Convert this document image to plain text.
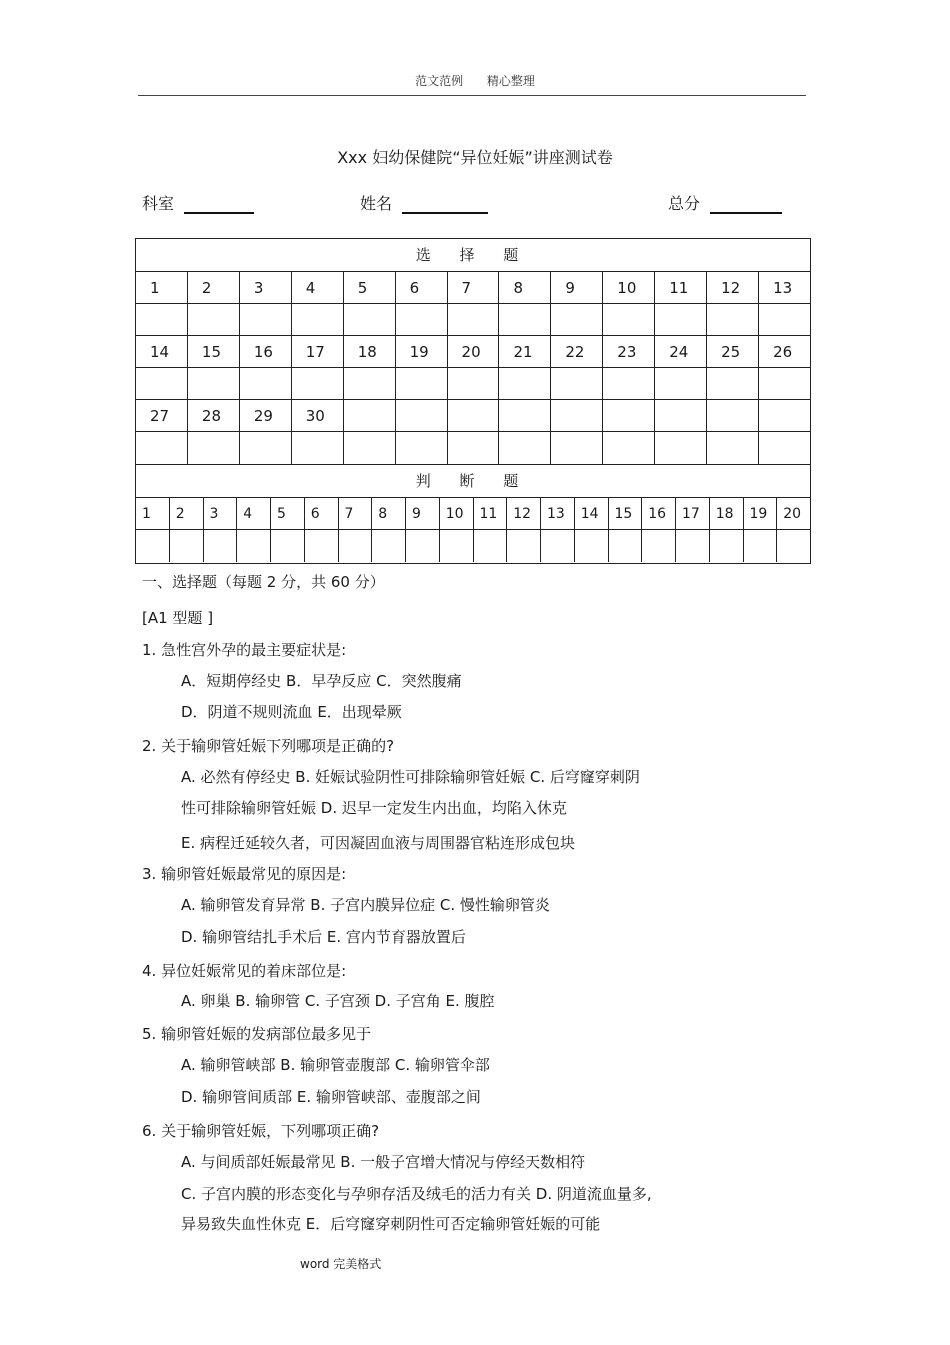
范文范例 精心整理
Xxx 妇幼保健院“异位妊娠”讲座测试卷
科室	姓名	总分
选 择 题
1	2	3	4	5	6	7	8	9	10	11	12	13
14	15	16	17	18	19	20	21	22	23	24	25	26
27	28	29	30
判 断 题
1	2	3	4	5	6	7	8	9	10	11	12	13	14	15	16	17	18	19	20
一、选择题（每题 2 分，共 60 分）
[A1 型题 ]
1. 急性宫外孕的最主要症状是:
A．短期停经史 B．早孕反应 C．突然腹痛
D．阴道不规则流血 E．出现晕厥
2. 关于输卵管妊娠下列哪项是正确的?
A. 必然有停经史 B. 妊娠试验阴性可排除输卵管妊娠 C. 后穹窿穿刺阴
性可排除输卵管妊娠 D. 迟早一定发生内出血，均陷入休克
E. 病程迁延较久者，可因凝固血液与周围器官粘连形成包块
3. 输卵管妊娠最常见的原因是:
A. 输卵管发育异常 B. 子宫内膜异位症 C. 慢性输卵管炎
D. 输卵管结扎手术后 E. 宫内节育器放置后
4. 异位妊娠常见的着床部位是:
A. 卵巢 B. 输卵管 C. 子宫颈 D. 子宫角 E. 腹腔
5. 输卵管妊娠的发病部位最多见于
A. 输卵管峡部 B. 输卵管壶腹部 C. 输卵管伞部
D. 输卵管间质部 E. 输卵管峡部、壶腹部之间
6. 关于输卵管妊娠，下列哪项正确?
A. 与间质部妊娠最常见 B. 一般子宫增大情况与停经天数相符
C. 子宫内膜的形态变化与孕卵存活及绒毛的活力有关 D. 阴道流血量多,
异易致失血性休克 E．后穹窿穿刺阴性可否定输卵管妊娠的可能
word 完美格式
